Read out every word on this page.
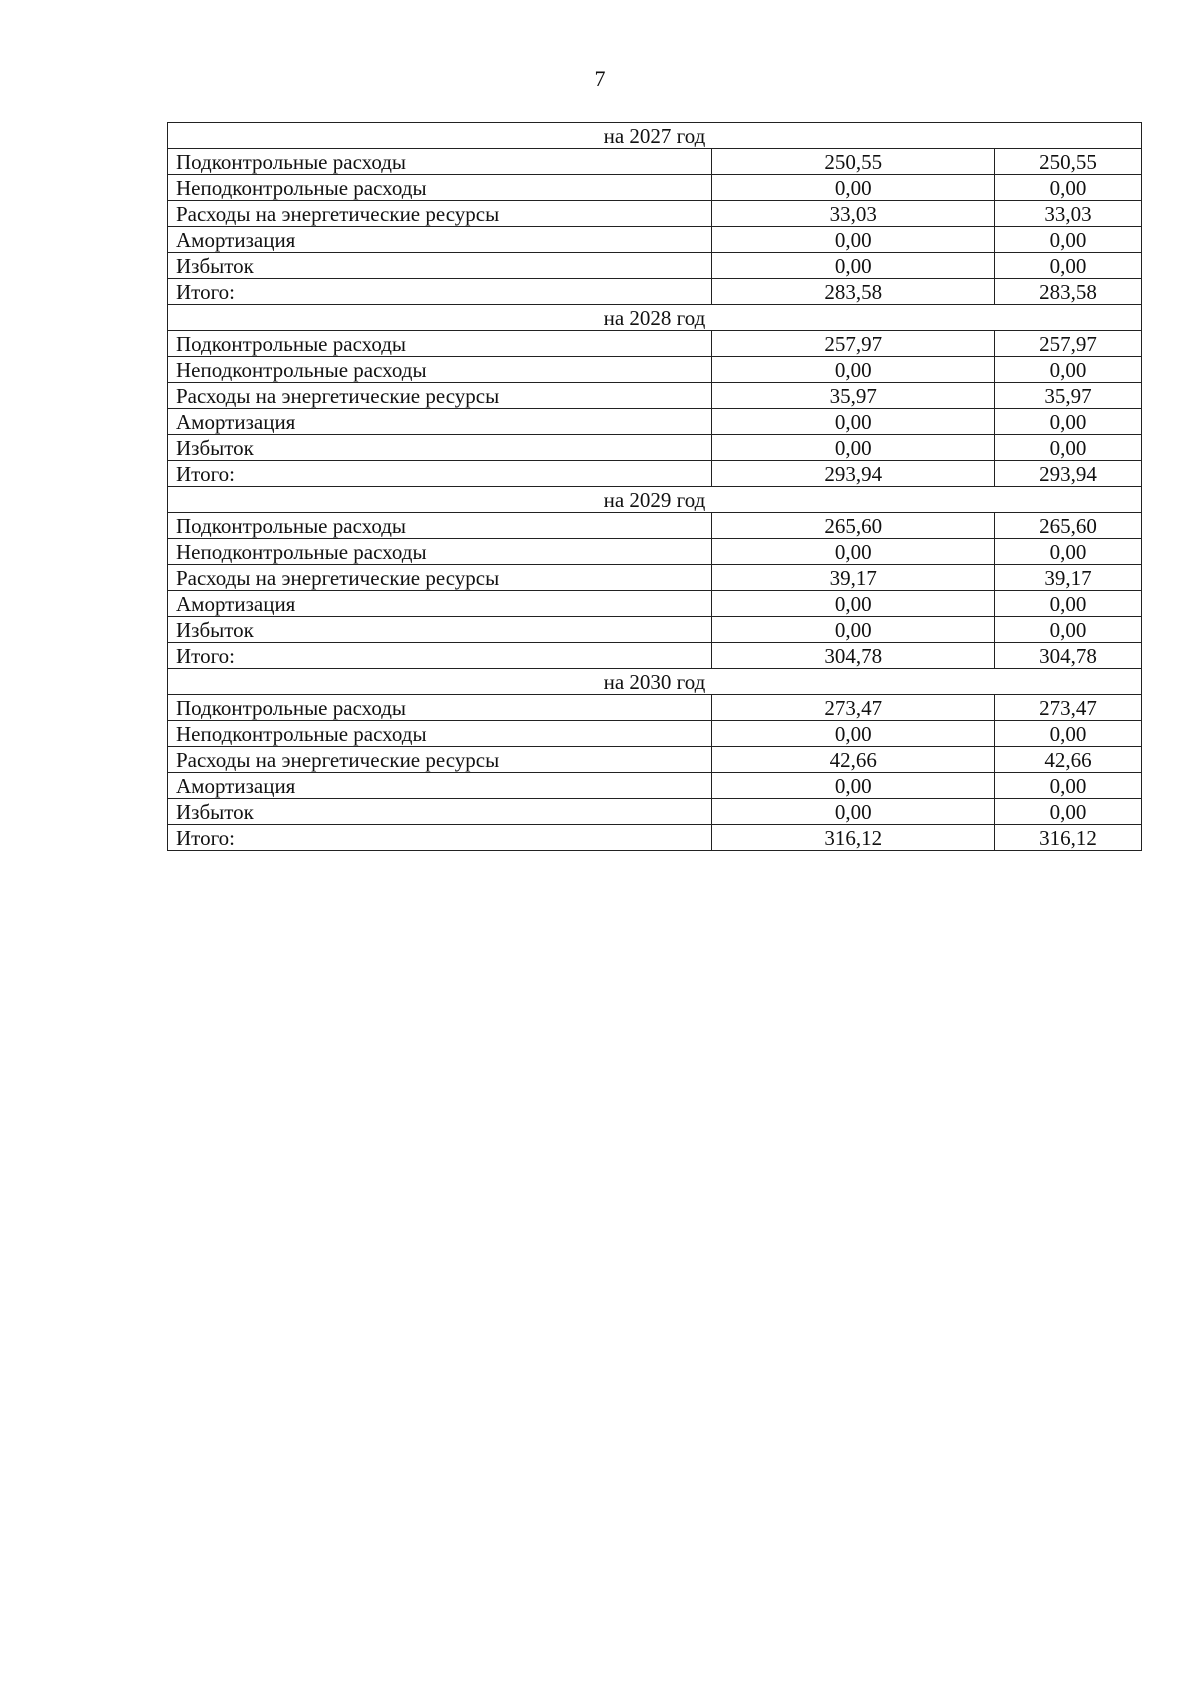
7
на 2027 год		
Подконтрольные расходы	250,55	250,55
Неподконтрольные расходы	0,00	0,00
Расходы на энергетические ресурсы	33,03	33,03
Амортизация	0,00	0,00
Избыток	0,00	0,00
Итого:	283,58	283,58
на 2028 год		
Подконтрольные расходы	257,97	257,97
Неподконтрольные расходы	0,00	0,00
Расходы на энергетические ресурсы	35,97	35,97
Амортизация	0,00	0,00
Избыток	0,00	0,00
Итого:	293,94	293,94
на 2029 год		
Подконтрольные расходы	265,60	265,60
Неподконтрольные расходы	0,00	0,00
Расходы на энергетические ресурсы	39,17	39,17
Амортизация	0,00	0,00
Избыток	0,00	0,00
Итого:	304,78	304,78
на 2030 год		
Подконтрольные расходы	273,47	273,47
Неподконтрольные расходы	0,00	0,00
Расходы на энергетические ресурсы	42,66	42,66
Амортизация	0,00	0,00
Избыток	0,00	0,00
Итого:	316,12	316,12
